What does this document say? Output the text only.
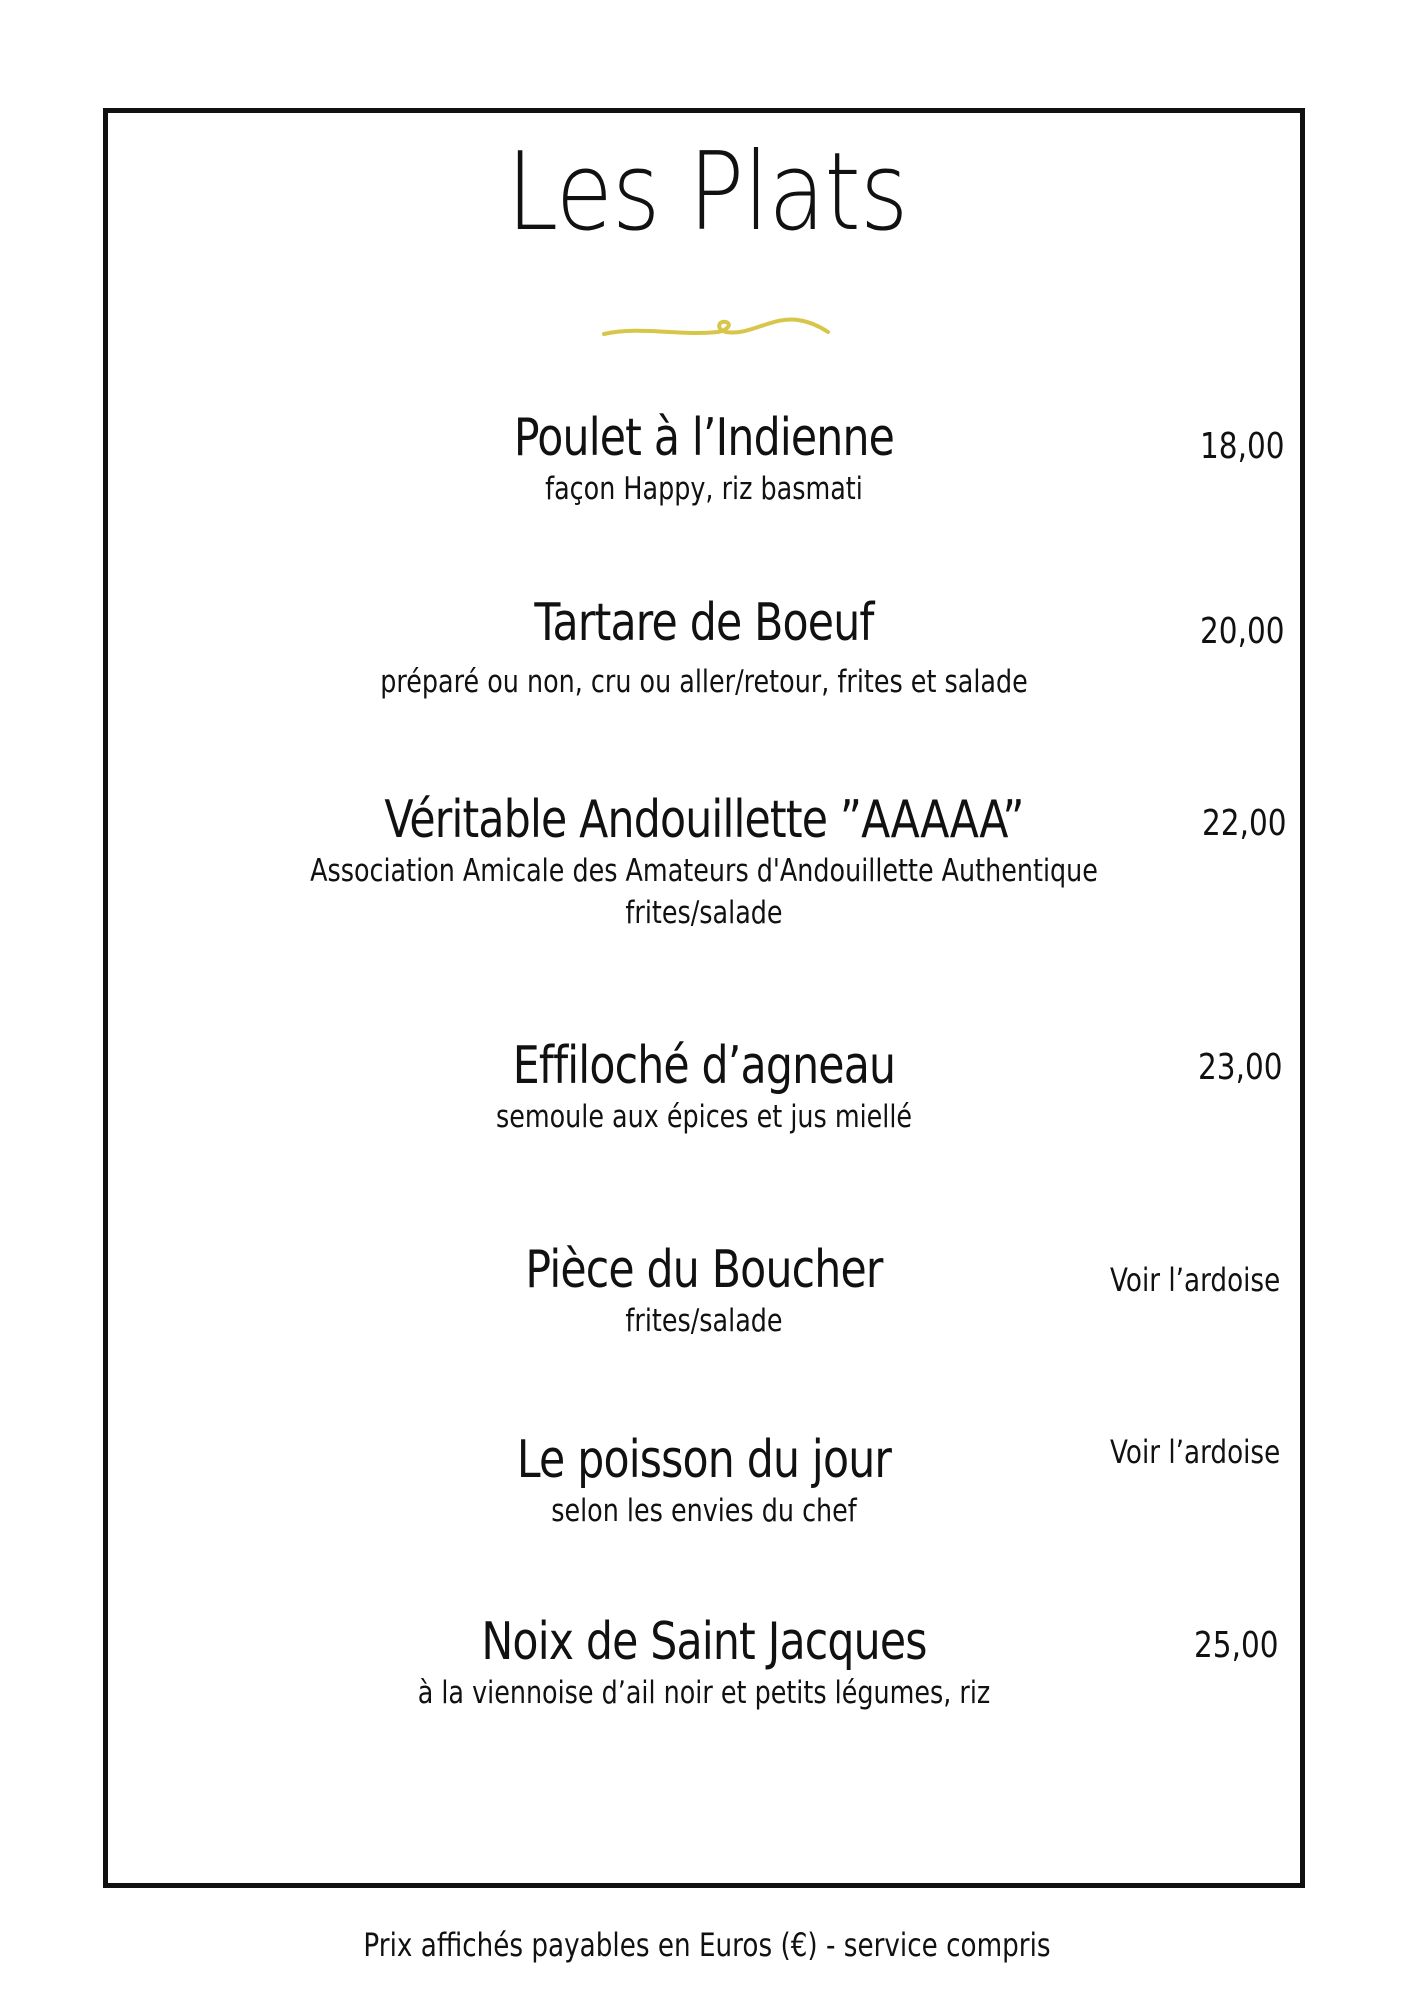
Les Plats
Poulet à l’Indienne
façon Happy, riz basmati
18,00
Tartare de Boeuf
préparé ou non, cru ou aller/retour, frites et salade
20,00
Véritable Andouillette ”AAAAA”
Association Amicale des Amateurs d'Andouillette Authentique
frites/salade
22,00
Effiloché d’agneau
semoule aux épices et jus miellé
23,00
Pièce du Boucher
frites/salade
Voir l’ardoise
Le poisson du jour
selon les envies du chef
Voir l’ardoise
Noix de Saint Jacques
à la viennoise d’ail noir et petits légumes, riz
25,00
Prix affichés payables en Euros (€) - service compris
